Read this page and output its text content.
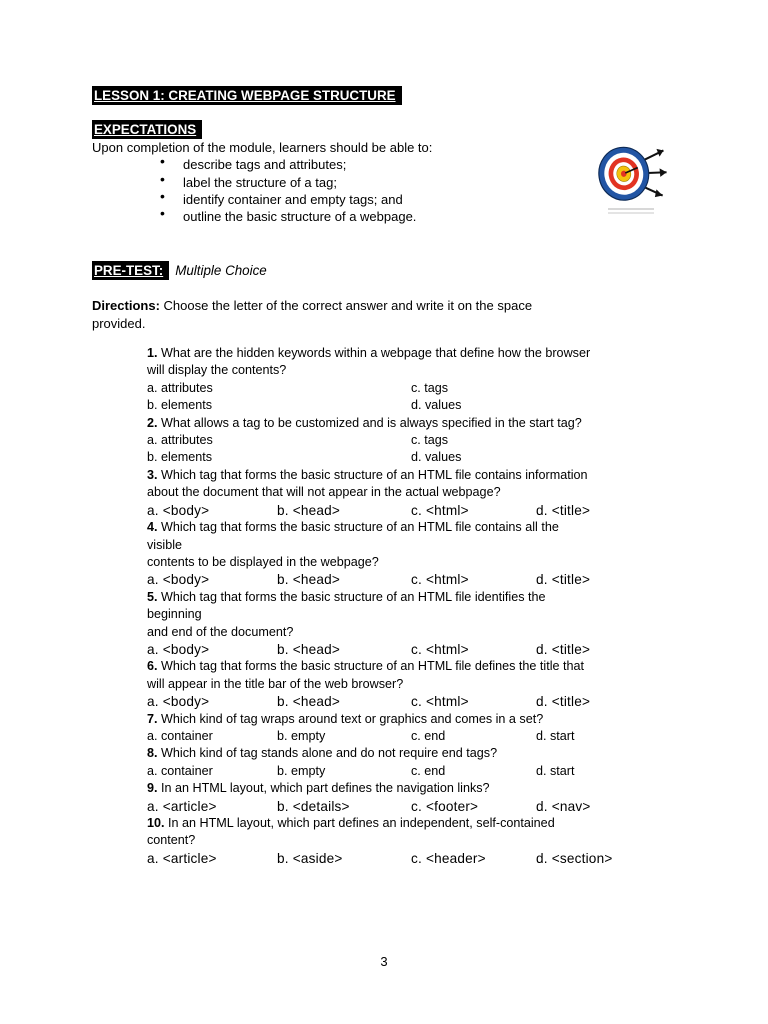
LESSON 1: CREATING WEBPAGE STRUCTURE
EXPECTATIONS
Upon completion of the module, learners should be able to:
• describe tags and attributes;
• label the structure of a tag;
• identify container and empty tags; and
• outline the basic structure of a webpage.
PRE-TEST: Multiple Choice
Directions: Choose the letter of the correct answer and write it on the space
provided.
1. What are the hidden keywords within a webpage that define how the browser
will display the contents?
a. attributes	c. tags
b. elements	d. values
2. What allows a tag to be customized and is always specified in the start tag?
a. attributes	c. tags
b. elements	d. values
3. Which tag that forms the basic structure of an HTML file contains information
about the document that will not appear in the actual webpage?
a. <body>	b. <head>	c. <html>	d. <title>
4. Which tag that forms the basic structure of an HTML file contains all the
visible
contents to be displayed in the webpage?
a. <body>	b. <head>	c. <html>	d. <title>
5. Which tag that forms the basic structure of an HTML file identifies the
beginning
and end of the document?
a. <body>	b. <head>	c. <html>	d. <title>
6. Which tag that forms the basic structure of an HTML file defines the title that
will appear in the title bar of the web browser?
a. <body>	b. <head>	c. <html>	d. <title>
7. Which kind of tag wraps around text or graphics and comes in a set?
a. container	b. empty	c. end	d. start
8. Which kind of tag stands alone and do not require end tags?
a. container	b. empty	c. end	d. start
9. In an HTML layout, which part defines the navigation links?
a. <article>	b. <details>	c. <footer>	d. <nav>
10. In an HTML layout, which part defines an independent, self-contained
content?
a. <article>	b. <aside>	c. <header>	d. <section>
3
